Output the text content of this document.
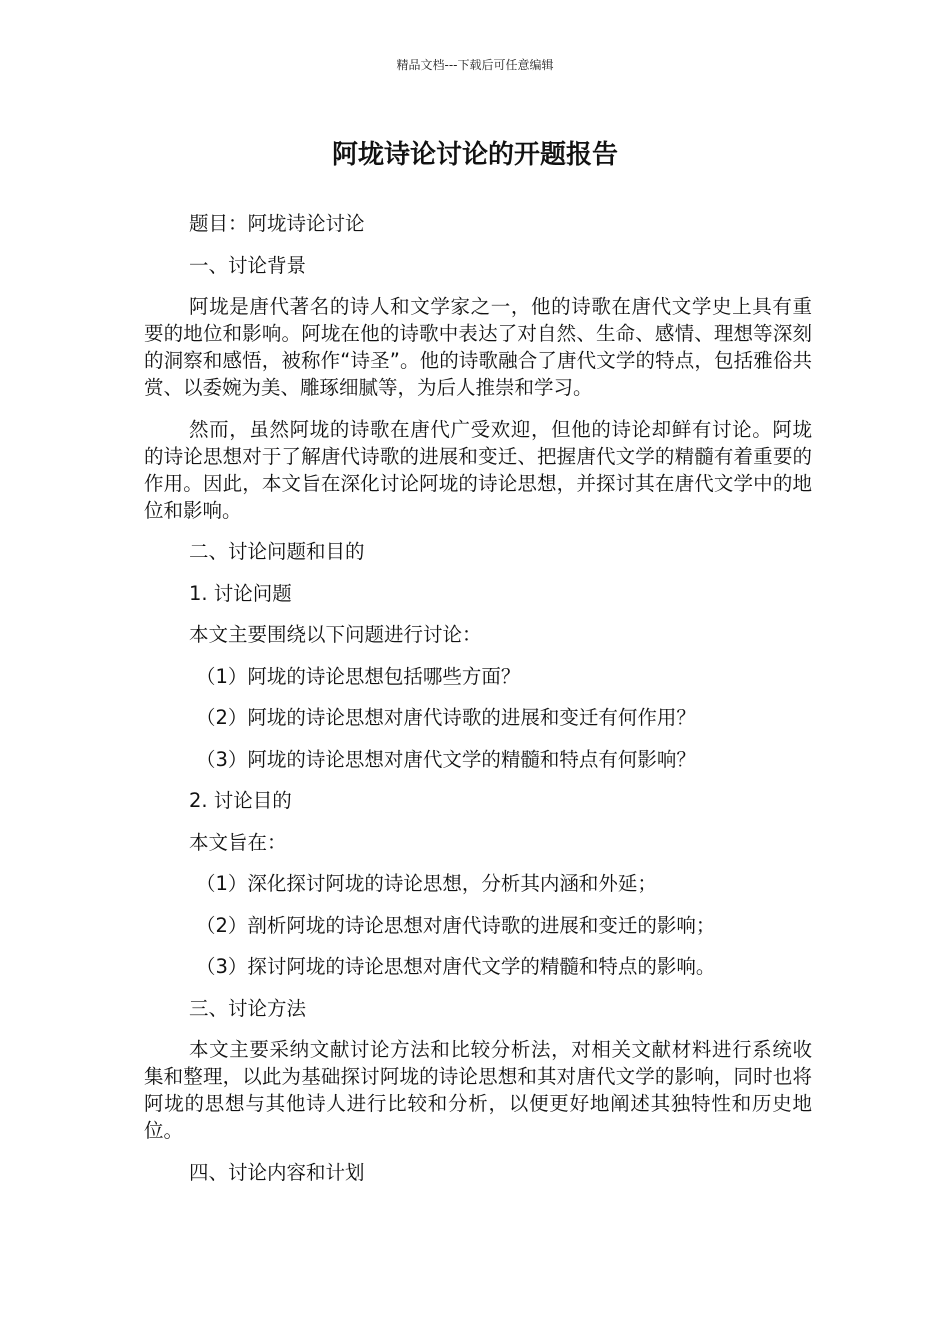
精品文档---下载后可任意编辑
阿垅诗论讨论的开题报告

题目：阿垅诗论讨论

一、讨论背景

阿垅是唐代著名的诗人和文学家之一，他的诗歌在唐代文学史上具有重要的地位和影响。阿垅在他的诗歌中表达了对自然、生命、感情、理想等深刻的洞察和感悟，被称作“诗圣”。他的诗歌融合了唐代文学的特点，包括雅俗共赏、以委婉为美、雕琢细腻等，为后人推崇和学习。

然而，虽然阿垅的诗歌在唐代广受欢迎，但他的诗论却鲜有讨论。阿垅的诗论思想对于了解唐代诗歌的进展和变迁、把握唐代文学的精髓有着重要的作用。因此，本文旨在深化讨论阿垅的诗论思想，并探讨其在唐代文学中的地位和影响。

二、讨论问题和目的

1. 讨论问题

本文主要围绕以下问题进行讨论：

（1）阿垅的诗论思想包括哪些方面？

（2）阿垅的诗论思想对唐代诗歌的进展和变迁有何作用？

（3）阿垅的诗论思想对唐代文学的精髓和特点有何影响？

2. 讨论目的

本文旨在：

（1）深化探讨阿垅的诗论思想，分析其内涵和外延；

（2）剖析阿垅的诗论思想对唐代诗歌的进展和变迁的影响；

（3）探讨阿垅的诗论思想对唐代文学的精髓和特点的影响。

三、讨论方法

本文主要采纳文献讨论方法和比较分析法，对相关文献材料进行系统收集和整理，以此为基础探讨阿垅的诗论思想和其对唐代文学的影响，同时也将阿垅的思想与其他诗人进行比较和分析，以便更好地阐述其独特性和历史地位。

四、讨论内容和计划
